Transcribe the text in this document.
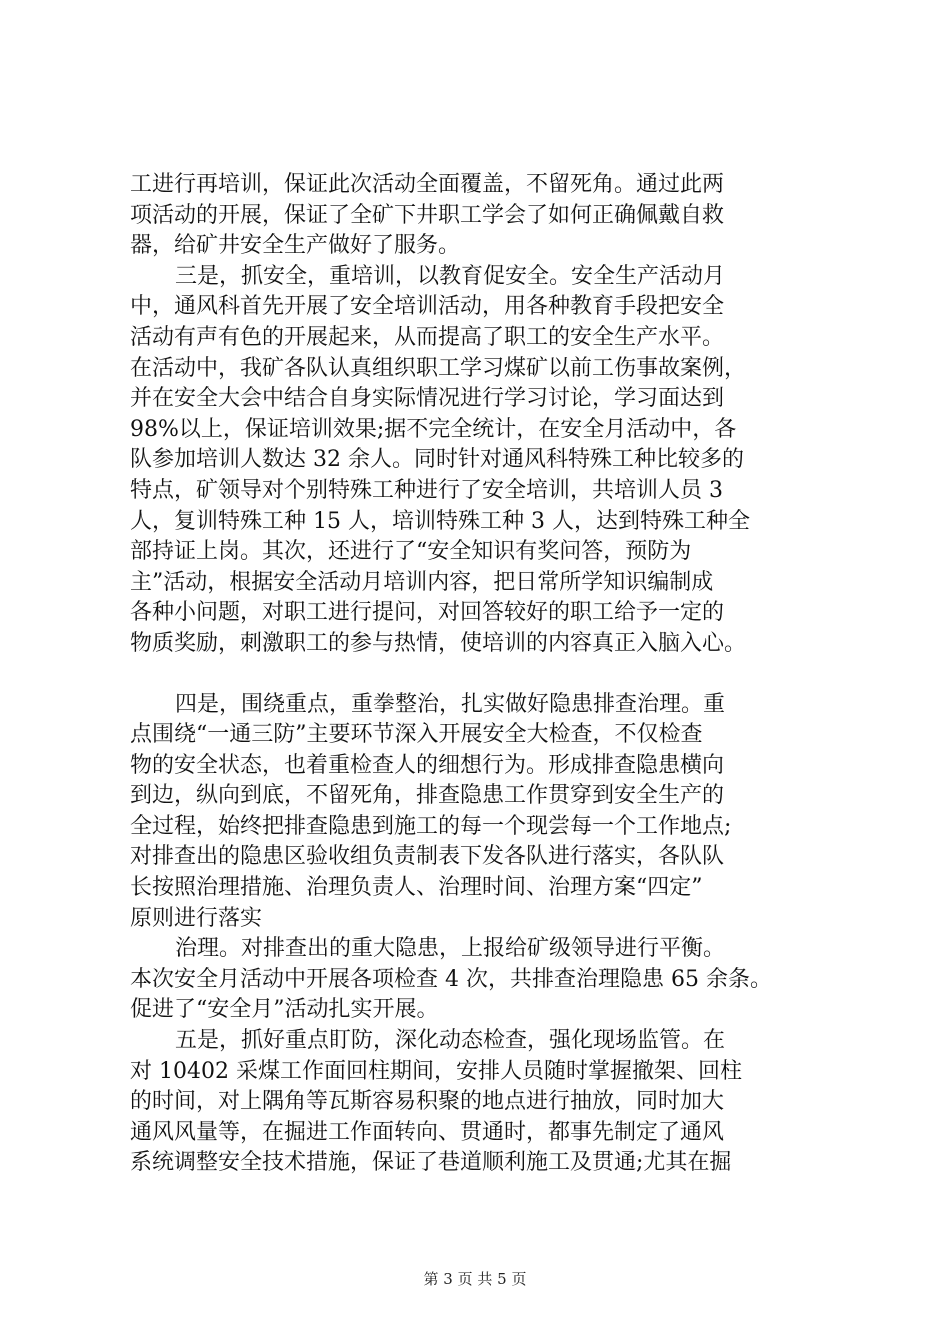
工进行再培训，保证此次活动全面覆盖，不留死角。通过此两
项活动的开展，保证了全矿下井职工学会了如何正确佩戴自救
器，给矿井安全生产做好了服务。
三是，抓安全，重培训，以教育促安全。安全生产活动月
中，通风科首先开展了安全培训活动，用各种教育手段把安全
活动有声有色的开展起来，从而提高了职工的安全生产水平。
在活动中，我矿各队认真组织职工学习煤矿以前工伤事故案例，
并在安全大会中结合自身实际情况进行学习讨论，学习面达到
98%以上，保证培训效果;据不完全统计，在安全月活动中，各
队参加培训人数达 32 余人。同时针对通风科特殊工种比较多的
特点，矿领导对个别特殊工种进行了安全培训，共培训人员 3
人，复训特殊工种 15 人，培训特殊工种 3 人，达到特殊工种全
部持证上岗。其次，还进行了“安全知识有奖问答，预防为
主”活动，根据安全活动月培训内容，把日常所学知识编制成
各种小问题，对职工进行提问，对回答较好的职工给予一定的
物质奖励，刺激职工的参与热情，使培训的内容真正入脑入心。
四是，围绕重点，重拳整治，扎实做好隐患排查治理。重
点围绕“一通三防”主要环节深入开展安全大检查，不仅检查
物的安全状态，也着重检查人的细想行为。形成排查隐患横向
到边，纵向到底，不留死角，排查隐患工作贯穿到安全生产的
全过程，始终把排查隐患到施工的每一个现尝每一个工作地点;
对排查出的隐患区验收组负责制表下发各队进行落实，各队队
长按照治理措施、治理负责人、治理时间、治理方案“四定”
原则进行落实
治理。对排查出的重大隐患，上报给矿级领导进行平衡。
本次安全月活动中开展各项检查 4 次，共排查治理隐患 65 余条。
促进了“安全月”活动扎实开展。
五是，抓好重点盯防，深化动态检查，强化现场监管。在
对 10402 采煤工作面回柱期间，安排人员随时掌握撤架、回柱
的时间，对上隅角等瓦斯容易积聚的地点进行抽放，同时加大
通风风量等，在掘进工作面转向、贯通时，都事先制定了通风
系统调整安全技术措施，保证了巷道顺利施工及贯通;尤其在掘
第 3 页 共 5 页
